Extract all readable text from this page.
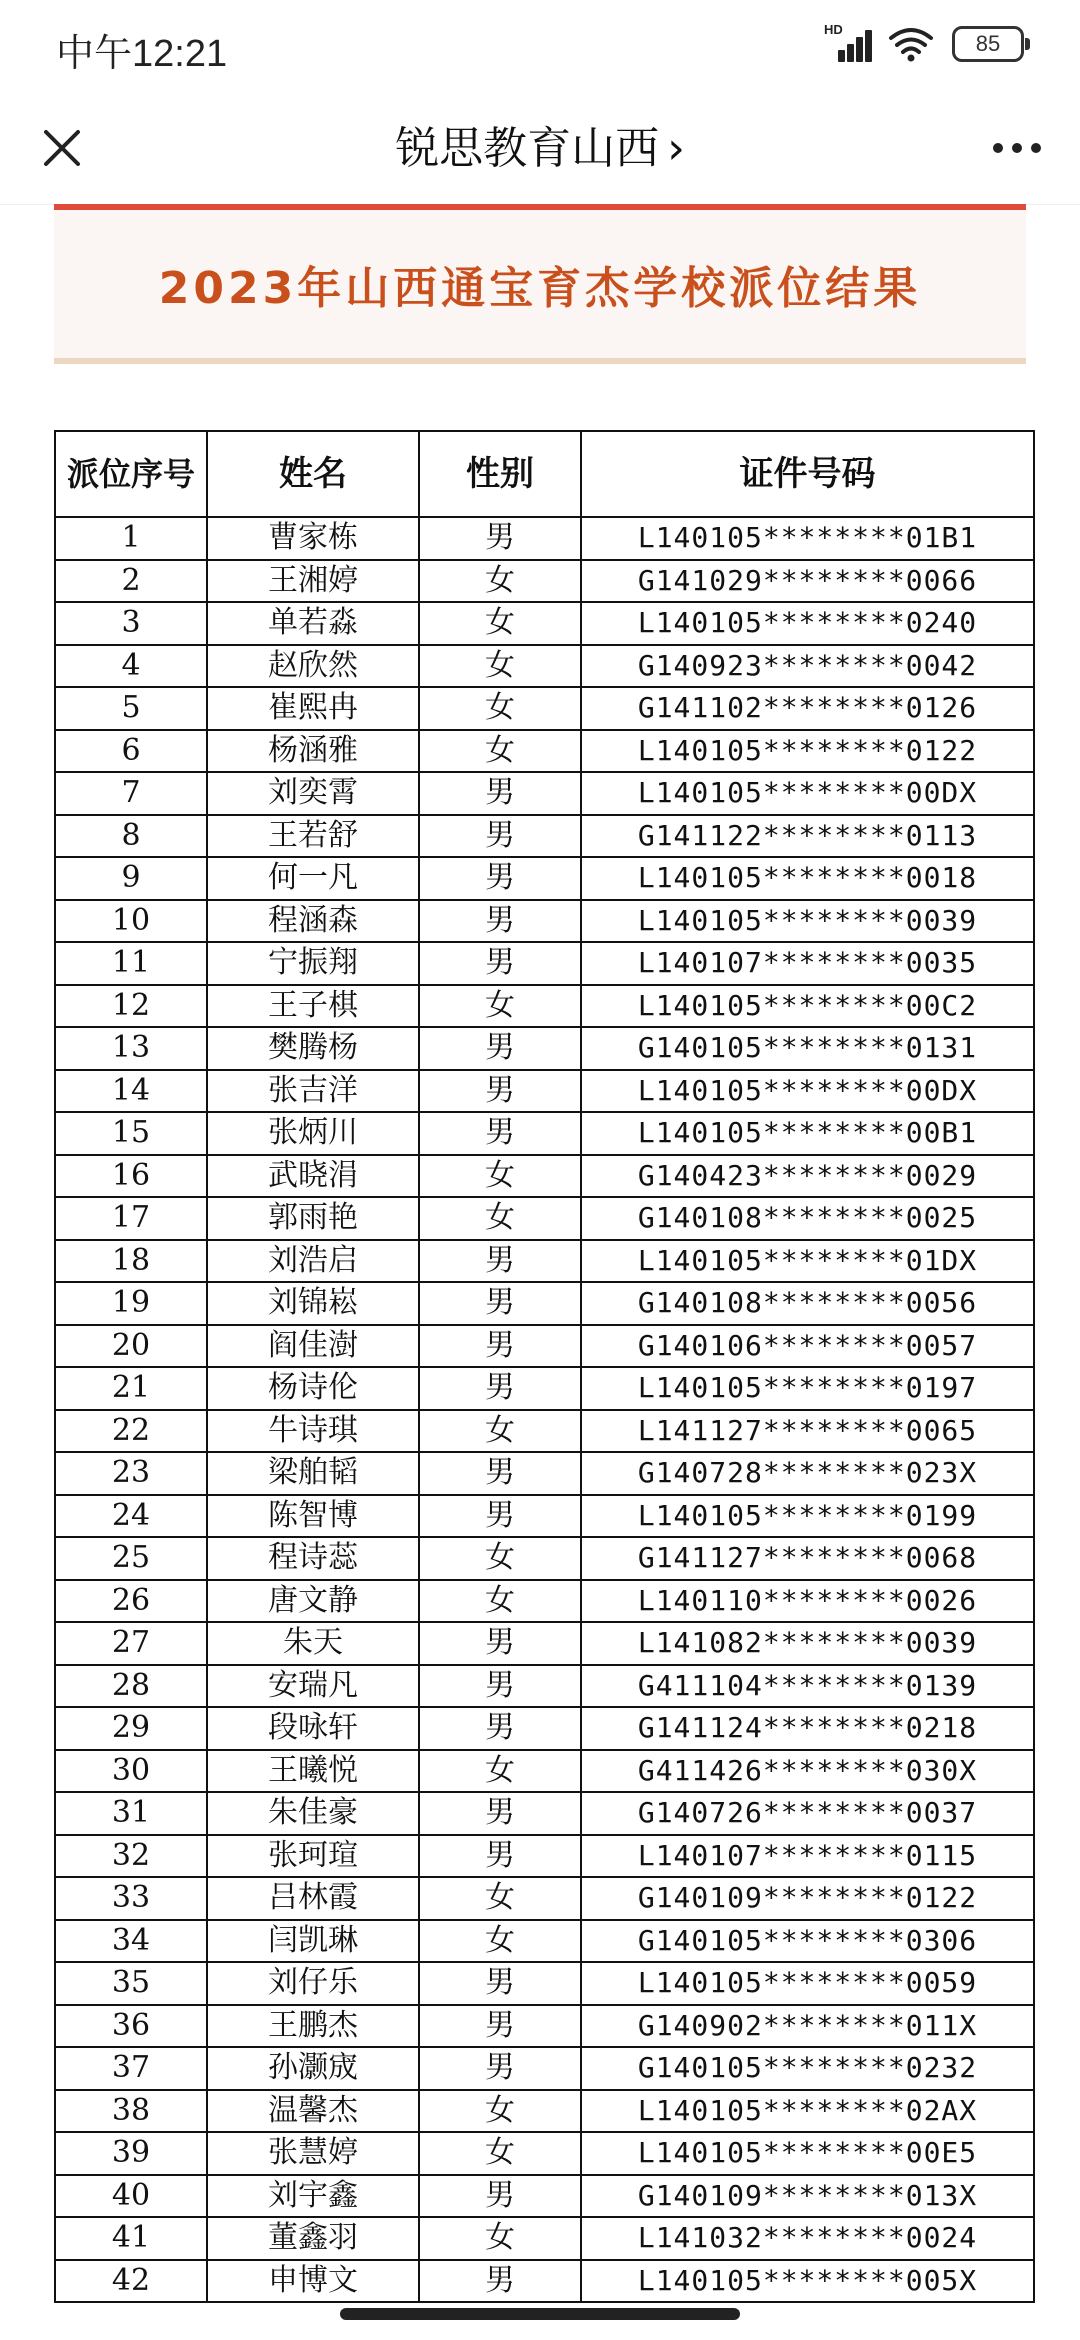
中午12:21
HD
85
锐思教育山西 ›
2023年山西通宝育杰学校派位结果
派位序号	姓名	性别	证件号码
1	曹家栋	男	L140105********01B1
2	王湘婷	女	G141029********0066
3	单若淼	女	L140105********0240
4	赵欣然	女	G140923********0042
5	崔熙冉	女	G141102********0126
6	杨涵雅	女	L140105********0122
7	刘奕霄	男	L140105********00DX
8	王若舒	男	G141122********0113
9	何一凡	男	L140105********0018
10	程涵森	男	L140105********0039
11	宁振翔	男	L140107********0035
12	王子棋	女	L140105********00C2
13	樊腾杨	男	G140105********0131
14	张吉洋	男	L140105********00DX
15	张炳川	男	L140105********00B1
16	武晓涓	女	G140423********0029
17	郭雨艳	女	G140108********0025
18	刘浩启	男	L140105********01DX
19	刘锦崧	男	G140108********0056
20	阎佳澍	男	G140106********0057
21	杨诗伦	男	L140105********0197
22	牛诗琪	女	L141127********0065
23	梁舶韬	男	G140728********023X
24	陈智博	男	L140105********0199
25	程诗蕊	女	G141127********0068
26	唐文静	女	L140110********0026
27	朱天	男	L141082********0039
28	安瑞凡	男	G411104********0139
29	段咏轩	男	G141124********0218
30	王曦悦	女	G411426********030X
31	朱佳豪	男	G140726********0037
32	张珂瑄	男	L140107********0115
33	吕林霞	女	G140109********0122
34	闫凯琳	女	G140105********0306
35	刘仔乐	男	L140105********0059
36	王鹏杰	男	G140902********011X
37	孙灏宬	男	G140105********0232
38	温馨杰	女	L140105********02AX
39	张慧婷	女	L140105********00E5
40	刘宇鑫	男	G140109********013X
41	董鑫羽	女	L141032********0024
42	申博文	男	L140105********005X
